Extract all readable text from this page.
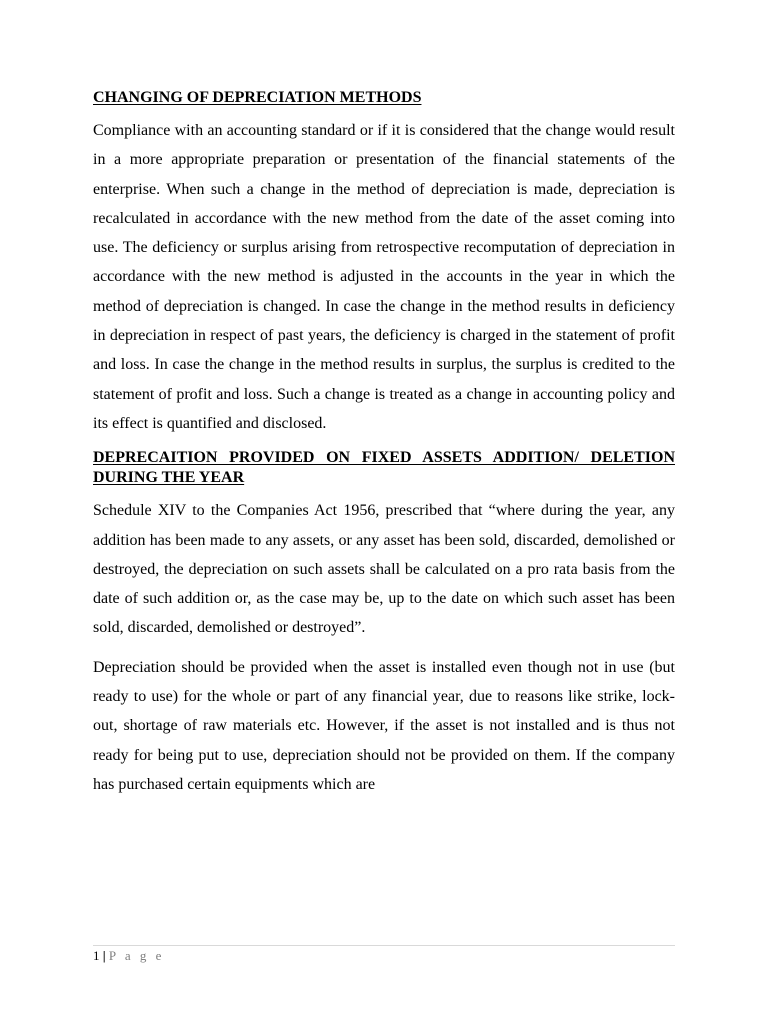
CHANGING OF DEPRECIATION METHODS

Compliance with an accounting standard or if it is considered that the change would result in a more appropriate preparation or presentation of the financial statements of the enterprise. When such a change in the method of depreciation is made, depreciation is recalculated in accordance with the new method from the date of the asset coming into use. The deficiency or surplus arising from retrospective recomputation of depreciation in accordance with the new method is adjusted in the accounts in the year in which the method of depreciation is changed. In case the change in the method results in deficiency in depreciation in respect of past years, the deficiency is charged in the statement of profit and loss. In case the change in the method results in surplus, the surplus is credited to the statement of profit and loss. Such a change is treated as a change in accounting policy and its effect is quantified and disclosed.

DEPRECAITION PROVIDED ON FIXED ASSETS ADDITION/ DELETION DURING THE YEAR

Schedule XIV to the Companies Act 1956, prescribed that “where during the year, any addition has been made to any assets, or any asset has been sold, discarded, demolished or destroyed, the depreciation on such assets shall be calculated on a pro rata basis from the date of such addition or, as the case may be, up to the date on which such asset has been sold, discarded, demolished or destroyed”.

Depreciation should be provided when the asset is installed even though not in use (but ready to use) for the whole or part of any financial year, due to reasons like strike, lock-out, shortage of raw materials etc. However, if the asset is not installed and is thus not ready for being put to use, depreciation should not be provided on them. If the company has purchased certain equipments which are

1 | P a g e
